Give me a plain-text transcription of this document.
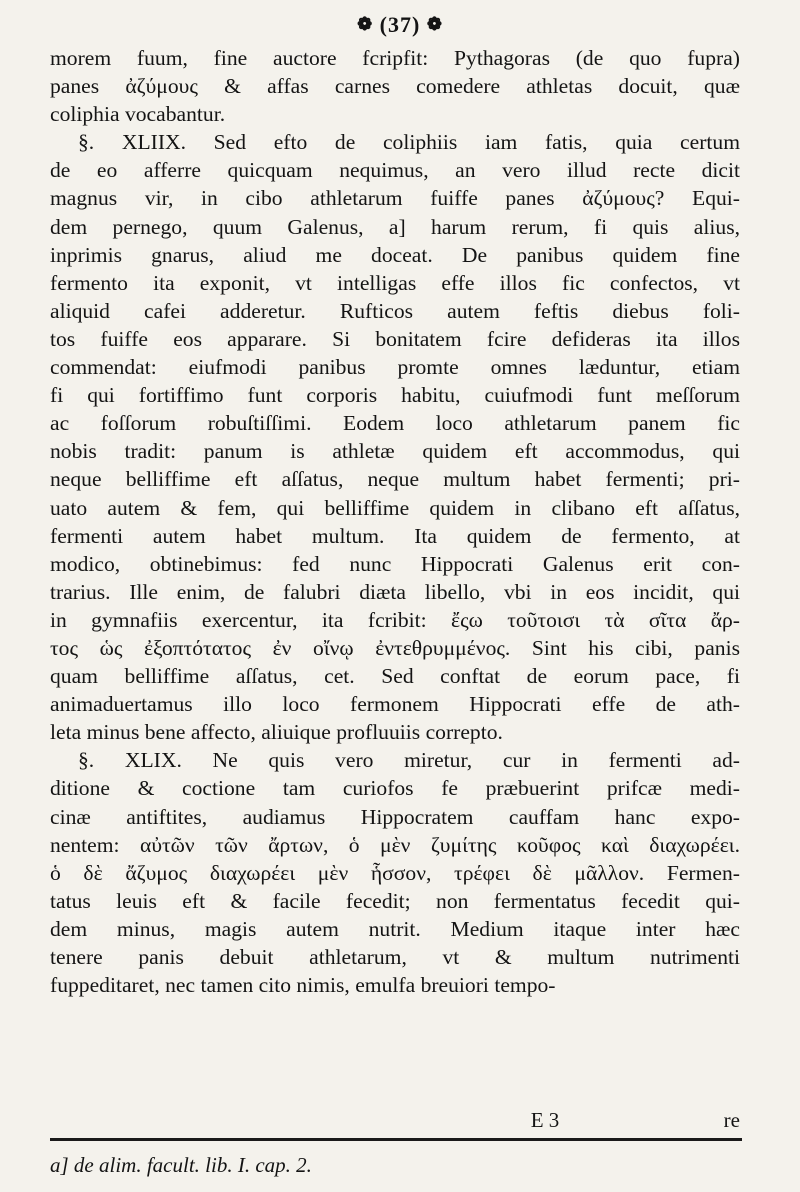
❁ (37) ❁
morem fuum, fine auctore fcripfit: Pythagoras (de quo fupra)
panes ἀζύμους & affas carnes comedere athletas docuit, quæ
coliphia vocabantur.
§. XLIIX. Sed efto de coliphiis iam fatis, quia certum
de eo afferre quicquam nequimus, an vero illud recte dicit
magnus vir, in cibo athletarum fuiffe panes ἀζύμους? Equi-
dem pernego, quum Galenus, a] harum rerum, fi quis alius,
inprimis gnarus, aliud me doceat. De panibus quidem fine
fermento ita exponit, vt intelligas effe illos fic confectos, vt
aliquid cafei adderetur. Rufticos autem feftis diebus foli-
tos fuiffe eos apparare. Si bonitatem fcire defideras ita illos
commendat: eiufmodi panibus promte omnes læduntur, etiam
fi qui fortiffimo funt corporis habitu, cuiufmodi funt meſſorum
ac foſſorum robuſtiſſimi. Eodem loco athletarum panem fic
nobis tradit: panum is athletæ quidem eft accommodus, qui
neque belliffime eft aſſatus, neque multum habet fermenti; pri-
uato autem & fem, qui belliffime quidem in clibano eft aſſatus,
fermenti autem habet multum. Ita quidem de fermento, at
modico, obtinebimus: fed nunc Hippocrati Galenus erit con-
trarius. Ille enim, de falubri diæta libello, vbi in eos incidit, qui
in gymnafiis exercentur, ita fcribit: ἔςω τοῦτοισι τὰ σῖτα ἄρ-
τος ὡς ἐξοπτότατος ἐν οἴνῳ ἐντεθρυμμένος. Sint his cibi, panis
quam belliffime aſſatus, cet. Sed conftat de eorum pace, fi
animaduertamus illo loco fermonem Hippocrati effe de ath-
leta minus bene affecto, aliuique profluuiis correpto.
§. XLIX. Ne quis vero miretur, cur in fermenti ad-
ditione & coctione tam curiofos fe præbuerint prifcæ medi-
cinæ antiftites, audiamus Hippocratem cauffam hanc expo-
nentem: αὐτῶν τῶν ἄρτων, ὁ μὲν ζυμίτης κοῦφος καὶ διαχωρέει.
ὁ δὲ ἄζυμος διαχωρέει μὲν ἧσσον, τρέφει δὲ μᾶλλον. Fermen-
tatus leuis eft & facile fecedit; non fermentatus fecedit qui-
dem minus, magis autem nutrit. Medium itaque inter hæc
tenere panis debuit athletarum, vt & multum nutrimenti
fuppeditaret, nec tamen cito nimis, emulfa breuiori tempo-
E 3	re
a] de alim. facult. lib. I. cap. 2.
